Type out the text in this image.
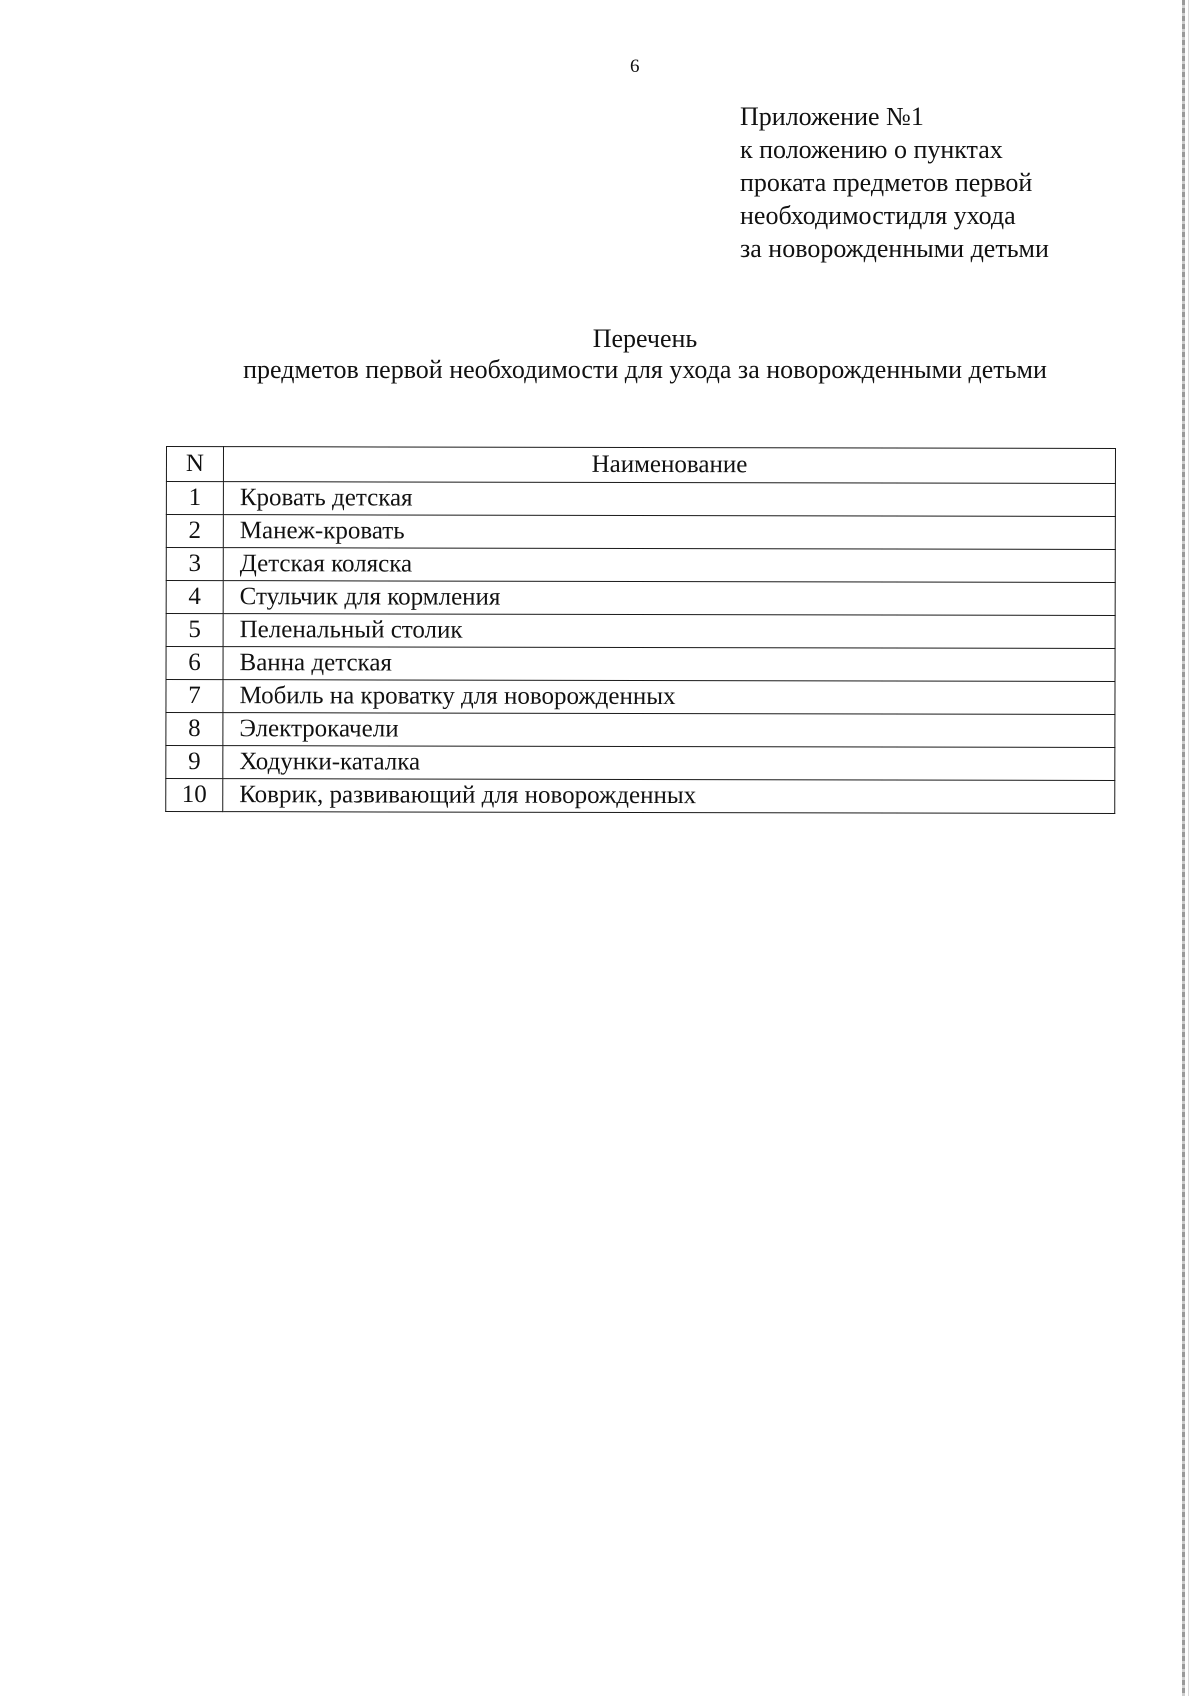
6
Приложение №1
к положению о пунктах
проката предметов первой
необходимостидля ухода
за новорожденными детьми
Перечень
предметов первой необходимости для ухода за новорожденными детьми
N	Наименование
1	Кровать детская
2	Манеж-кровать
3	Детская коляска
4	Стульчик для кормления
5	Пеленальный столик
6	Ванна детская
7	Мобиль на кроватку для новорожденных
8	Электрокачели
9	Ходунки-каталка
10	Коврик, развивающий для новорожденных
